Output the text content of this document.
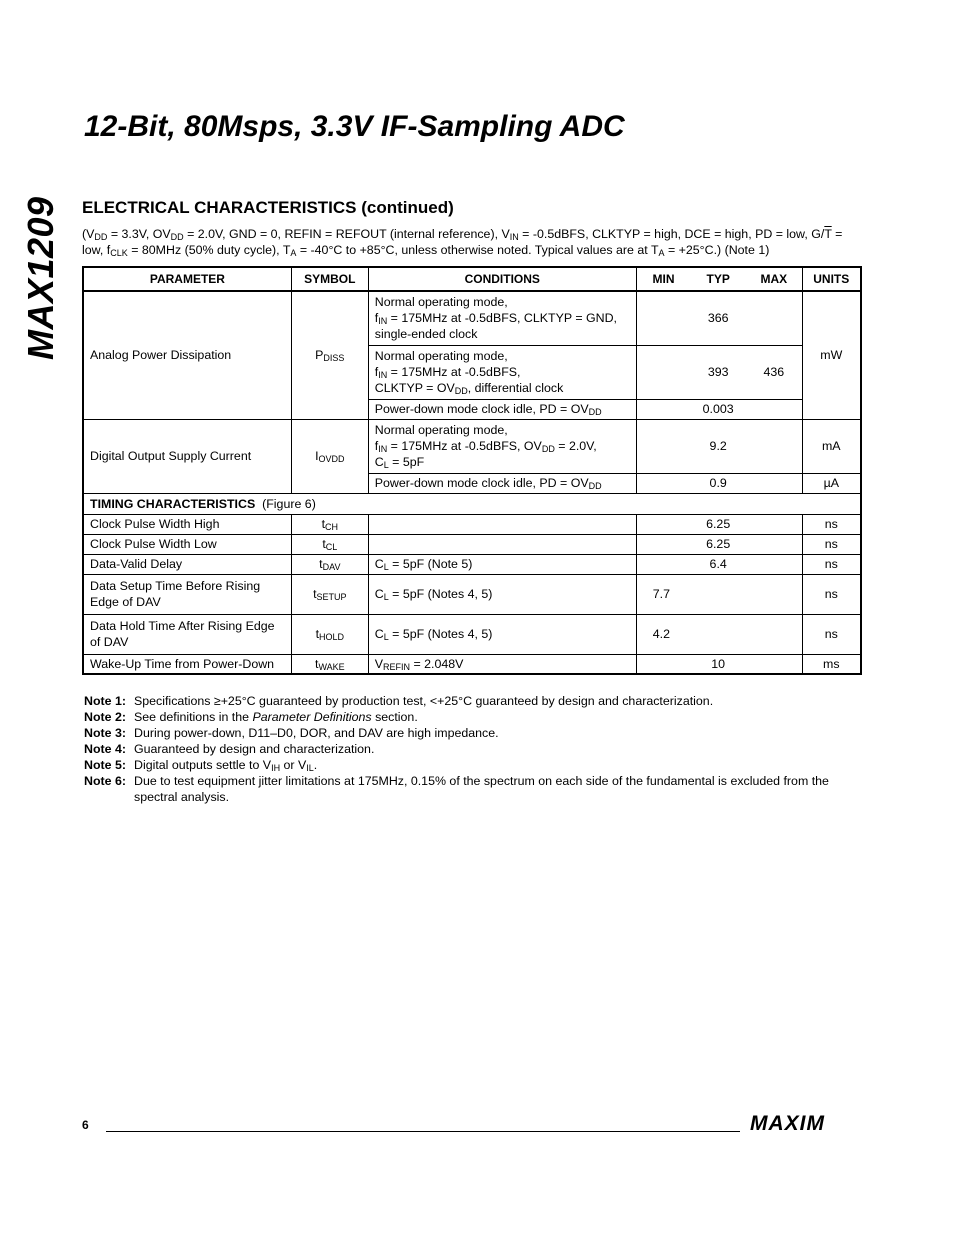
MAX1209
12-Bit, 80Msps, 3.3V IF-Sampling ADC
ELECTRICAL CHARACTERISTICS (continued)
($V_{DD} = 3.3V$, $OV_{DD} = 2.0V$, GND = 0, REFIN = REFOUT (internal reference), $V_{IN}$ = -0.5dBFS, CLKTYP = high, DCE = high, PD = low, $G/\overline{T}$ = low, $f_{CLK} = 80MHz$ (50% duty cycle), $T_A = -40^\circ C$ to +85°C, unless otherwise noted. Typical values are at $T_A = +25^\circ C$.) (Note 1)
PARAMETER	SYMBOL	CONDITIONS	MIN	TYP	MAX	UNITS
Analog Power Dissipation	$P_{DISS}$	Normal operating mode,
$f_{IN} = 175MHz$ at -0.5dBFS, CLKTYP = GND,
single-ended clock		366		mW

		Normal operating mode,
$f_{IN} = 175MHz$ at -0.5dBFS,
CLKTYP = $OV_{DD}$, differential clock		393	436	
		Power-down mode clock idle, PD = $OV_{DD}$		0.003		
Digital Output Supply Current	$I_{OVDD}$	Normal operating mode,
$f_{IN} = 175MHz$ at -0.5dBFS, $OV_{DD} = 2.0V$,
$C_L = 5pF$		9.2		mA
		Power-down mode clock idle, PD = $OV_{DD}$		0.9		µA
TIMING CHARACTERISTICS (Figure 6)						
Clock Pulse Width High	$t_{CH}$			6.25		ns
Clock Pulse Width Low	$t_{CL}$			6.25		ns
Data-Valid Delay	$t_{DAV}$	$C_L = 5pF$ (Note 5)		6.4		ns
Data Setup Time Before Rising Edge of DAV	$t_{SETUP}$	$C_L = 5pF$ (Notes 4, 5)	7.7			ns
Data Hold Time After Rising Edge of DAV	$t_{HOLD}$	$C_L = 5pF$ (Notes 4, 5)	4.2			ns
Wake-Up Time from Power-Down	$t_{WAKE}$	$V_{REFIN} = 2.048V$		10		ms
Note 1: Specifications ≥+25°C guaranteed by production test, <+25°C guaranteed by design and characterization.
Note 2: See definitions in the Parameter Definitions section.
Note 3: During power-down, D11–D0, DOR, and DAV are high impedance.
Note 4: Guaranteed by design and characterization.
Note 5: Digital outputs settle to $V_{IH}$ or $V_{IL}$.
Note 6: Due to test equipment jitter limitations at 175MHz, 0.15% of the spectrum on each side of the fundamental is excluded from the spectral analysis.
6	MAXIM
